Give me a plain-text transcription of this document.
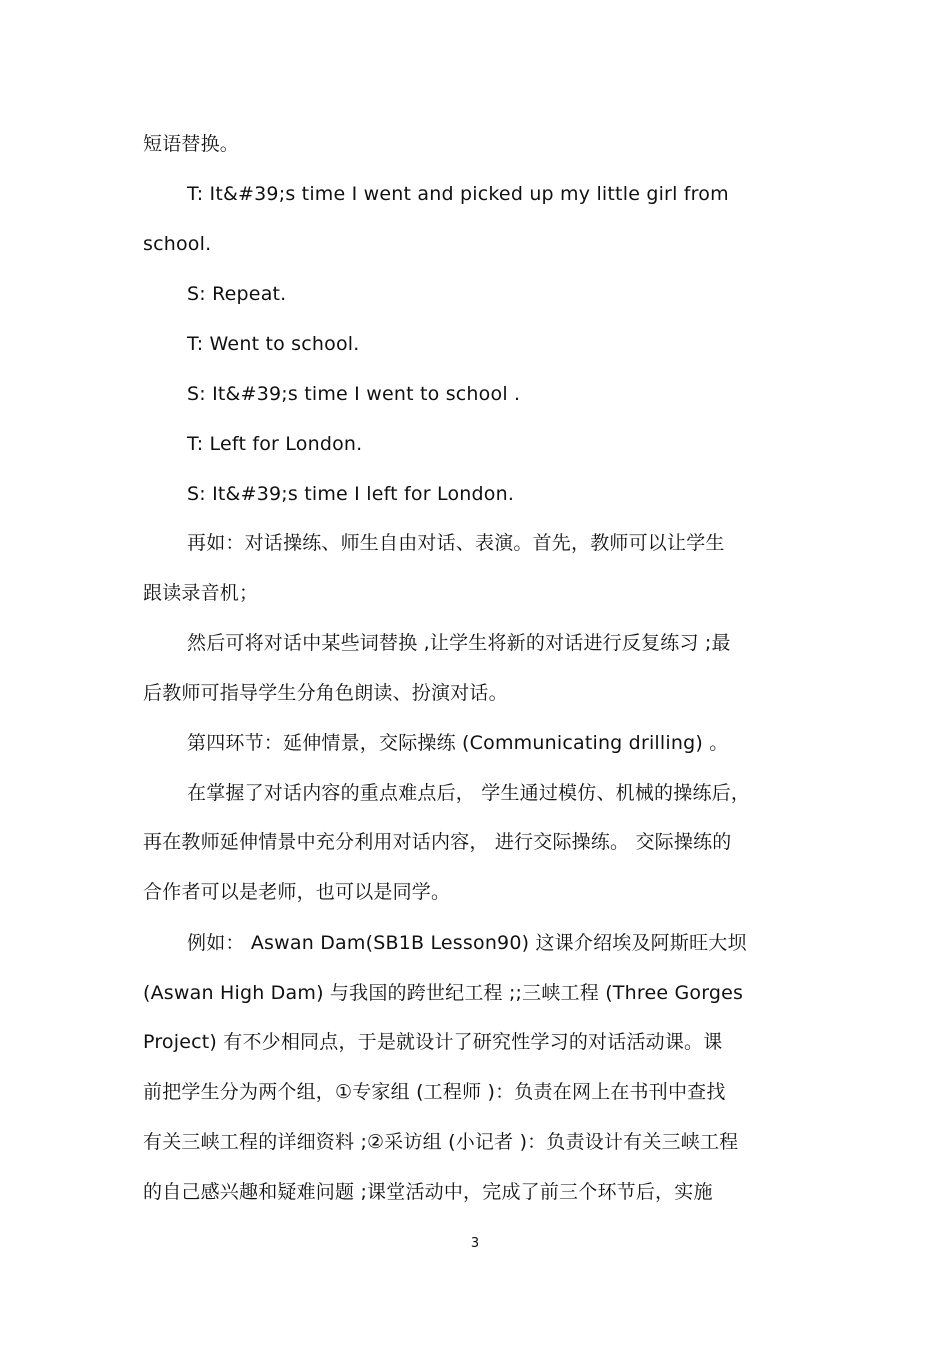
短语替换。
T: It&#39;s time I went and picked up my little girl from
school.
S: Repeat.
T: Went to school.
S: It&#39;s time I went to school .
T: Left for London.
S: It&#39;s time I left for London.
再如：对话操练、师生自由对话、表演。首先，教师可以让学生
跟读录音机；
然后可将对话中某些词替换 ,让学生将新的对话进行反复练习 ;最
后教师可指导学生分角色朗读、扮演对话。
第四环节：延伸情景，交际操练 (Communicating drilling) 。
在掌握了对话内容的重点难点后， 学生通过模仿、机械的操练后，
再在教师延伸情景中充分利用对话内容， 进行交际操练。 交际操练的
合作者可以是老师，也可以是同学。
例如： Aswan Dam(SB1B Lesson90) 这课介绍埃及阿斯旺大坝
(Aswan High Dam) 与我国的跨世纪工程 ;;三峡工程 (Three Gorges
Project) 有不少相同点，于是就设计了研究性学习的对话活动课。课
前把学生分为两个组，①专家组 (工程师 )：负责在网上在书刊中查找
有关三峡工程的详细资料 ;②采访组 (小记者 )：负责设计有关三峡工程
的自己感兴趣和疑难问题 ;课堂活动中，完成了前三个环节后，实施
3
